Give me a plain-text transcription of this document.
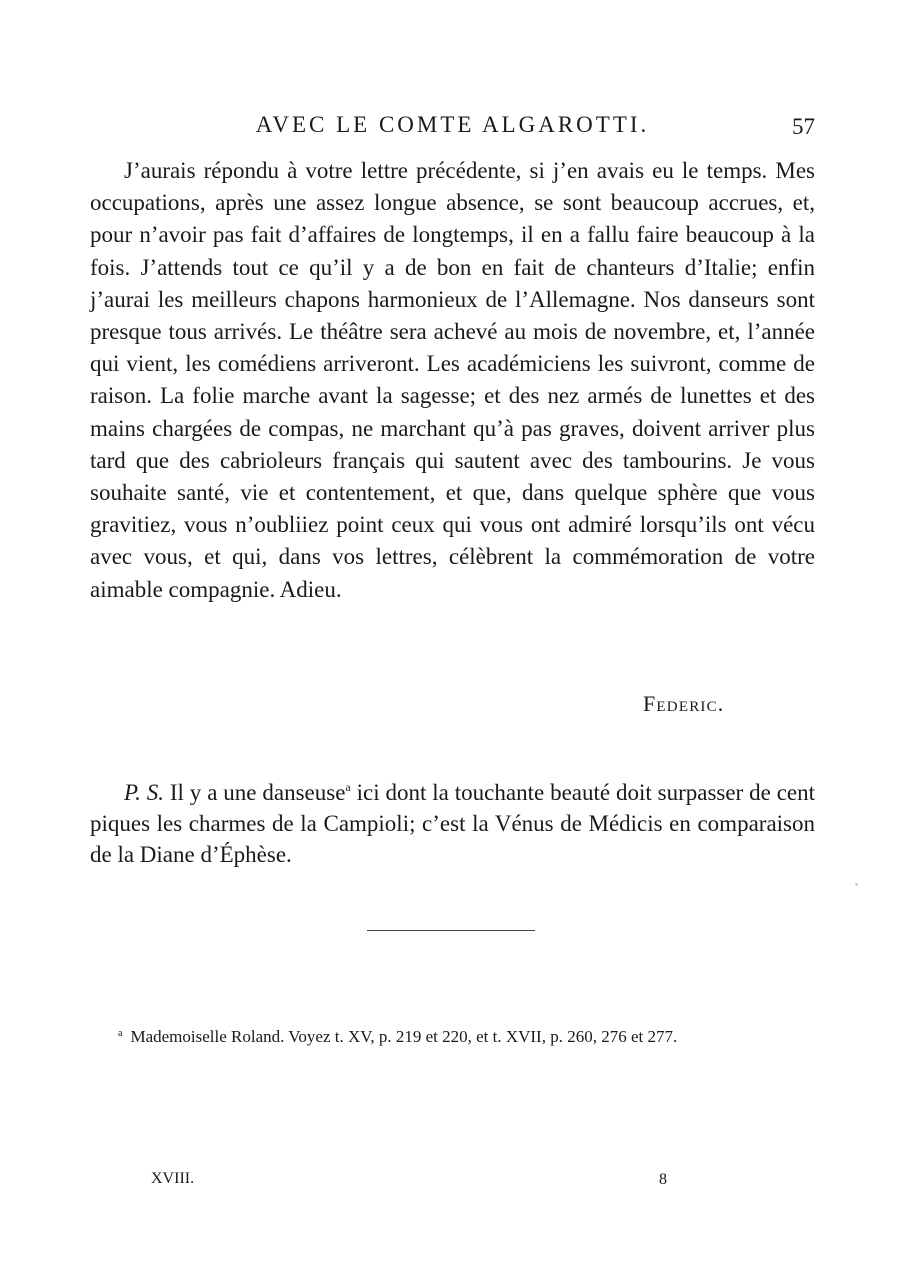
AVEC LE COMTE ALGAROTTI.	57

J’aurais répondu à votre lettre précédente, si j’en avais eu le temps. Mes occupations, après une assez longue absence, se sont beaucoup accrues, et, pour n’avoir pas fait d’affaires de longtemps, il en a fallu faire beaucoup à la fois. J’attends tout ce qu’il y a de bon en fait de chanteurs d’Italie; enfin j’aurai les meilleurs chapons harmonieux de l’Allemagne. Nos danseurs sont presque tous arrivés. Le théâtre sera achevé au mois de novembre, et, l’année qui vient, les comédiens arriveront. Les académiciens les suivront, comme de raison. La folie marche avant la sagesse; et des nez armés de lunettes et des mains chargées de compas, ne marchant qu’à pas graves, doivent arriver plus tard que des cabrioleurs français qui sautent avec des tambourins. Je vous souhaite santé, vie et contentement, et que, dans quelque sphère que vous gravitiez, vous n’oubliiez point ceux qui vous ont admiré lorsqu’ils ont vécu avec vous, et qui, dans vos lettres, célèbrent la commémoration de votre aimable compagnie. Adieu.

Federic.

P. S. Il y a une danseuse$^a$ ici dont la touchante beauté doit surpasser de cent piques les charmes de la Campioli; c’est la Vénus de Médicis en comparaison de la Diane d’Éphèse.

$^a$ Mademoiselle Roland. Voyez t. XV, p. 219 et 220, et t. XVII, p. 260, 276 et 277.
XVIII.	8
